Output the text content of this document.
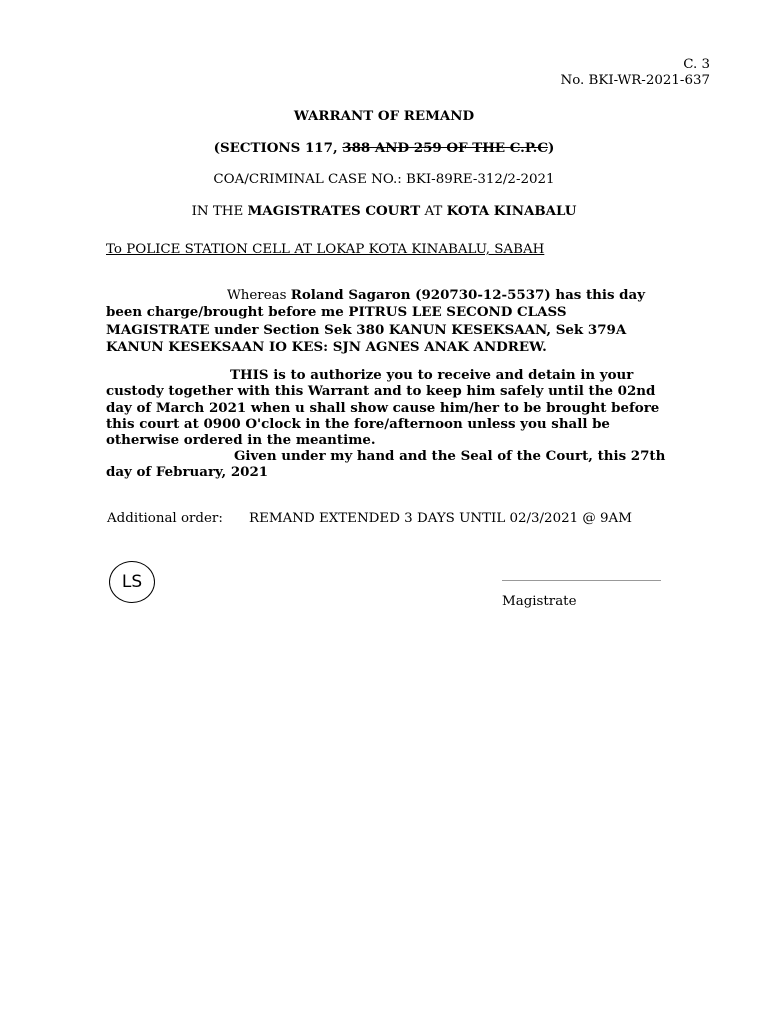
C. 3
No. BKI-WR-2021-637
WARRANT OF REMAND
(SECTIONS 117, 388 AND 259 OF THE C.P.C)
COA/CRIMINAL CASE NO.: BKI-89RE-312/2-2021
IN THE MAGISTRATES COURT AT KOTA KINABALU
To POLICE STATION CELL AT LOKAP KOTA KINABALU, SABAH
Whereas Roland Sagaron (920730-12-5537) has this day been charge/brought before me PITRUS LEE SECOND CLASS MAGISTRATE under Section Sek 380 KANUN KESEKSAAN, Sek 379A KANUN KESEKSAAN IO KES: SJN AGNES ANAK ANDREW.
THIS is to authorize you to receive and detain in your custody together with this Warrant and to keep him safely until the 02nd day of March 2021 when u shall show cause him/her to be brought before this court at 0900 O'clock in the fore/afternoon unless you shall be otherwise ordered in the meantime.
Given under my hand and the Seal of the Court, this 27th day of February, 2021
Additional order: REMAND EXTENDED 3 DAYS UNTIL 02/3/2021 @ 9AM
LS
Magistrate
